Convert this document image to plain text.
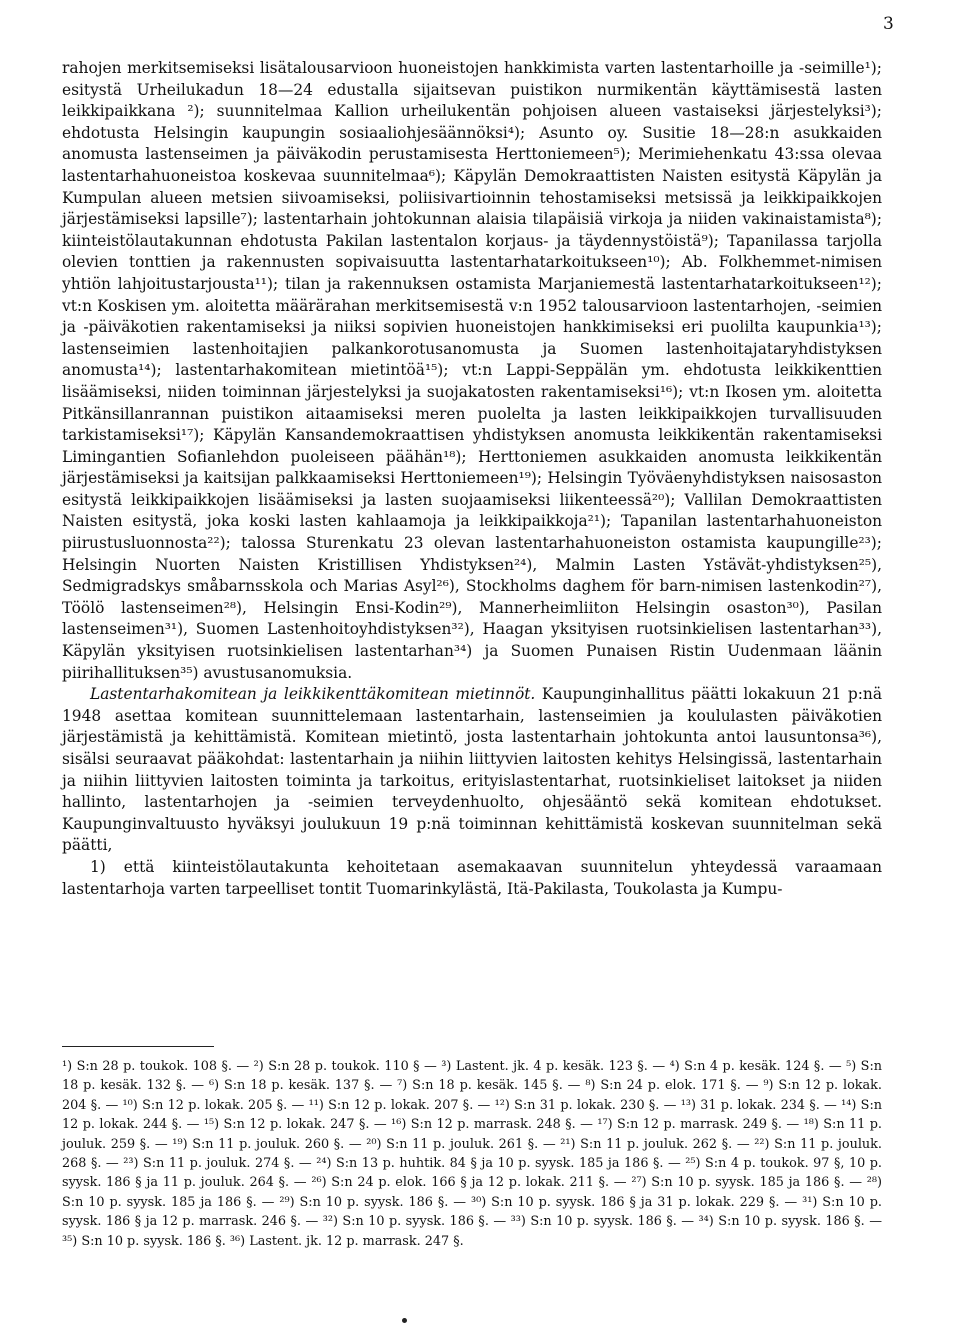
3

rahojen merkitsemiseksi lisätalousarvioon huoneistojen hankkimista varten lastentarhoille ja -seimille¹); esitystä Urheilukadun 18—24 edustalla sijaitsevan puistikon nurmikentän käyttämisestä lasten leikkipaikkana ²); suunnitelmaa Kallion urheilukentän pohjoisen alueen vastaiseksi järjestelyksi³); ehdotusta Helsingin kaupungin sosiaaliohjesäännöksi⁴); Asunto oy. Susitie 18—28:n asukkaiden anomusta lastenseimen ja päiväkodin perustamisesta Herttoniemeen⁵); Merimiehenkatu 43:ssa olevaa lastentarhahuoneistoa koskevaa suunnitelmaa⁶); Käpylän Demokraattisten Naisten esitystä Käpylän ja Kumpulan alueen metsien siivoamiseksi, poliisivartioinnin tehostamiseksi metsissä ja leikkipaikkojen järjestämiseksi lapsille⁷); lastentarhain johtokunnan alaisia tilapäisiä virkoja ja niiden vakinaistamista⁸); kiinteistölautakunnan ehdotusta Pakilan lastentalon korjaus- ja täydennystöistä⁹); Tapanilassa tarjolla olevien tonttien ja rakennusten sopivaisuutta lastentarhatarkoitukseen¹⁰); Ab. Folkhemmet-nimisen yhtiön lahjoitustarjousta¹¹); tilan ja rakennuksen ostamista Marjaniemestä lastentarhatarkoitukseen¹²); vt:n Koskisen ym. aloitetta määrärahan merkitsemisestä v:n 1952 talousarvioon lastentarhojen, -seimien ja -päiväkotien rakentamiseksi ja niiksi sopivien huoneistojen hankkimiseksi eri puolilta kaupunkia¹³); lastenseimien lastenhoitajien palkankorotusanomusta ja Suomen lastenhoitajataryhdistyksen anomusta¹⁴); lastentarhakomitean mietintöä¹⁵); vt:n Lappi-Seppälän ym. ehdotusta leikkikenttien lisäämiseksi, niiden toiminnan järjestelyksi ja suojakatosten rakentamiseksi¹⁶); vt:n Ikosen ym. aloitetta Pitkänsillanrannan puistikon aitaamiseksi meren puolelta ja lasten leikkipaikkojen turvallisuuden tarkistamiseksi¹⁷); Käpylän Kansandemokraattisen yhdistyksen anomusta leikkikentän rakentamiseksi Limingantien Sofianlehdon puoleiseen päähän¹⁸); Herttoniemen asukkaiden anomusta leikkikentän järjestämiseksi ja kaitsijan palkkaamiseksi Herttoniemeen¹⁹); Helsingin Työväenyhdistyksen naisosaston esitystä leikkipaikkojen lisäämiseksi ja lasten suojaamiseksi liikenteessä²⁰); Vallilan Demokraattisten Naisten esitystä, joka koski lasten kahlaamoja ja leikkipaikkoja²¹); Tapanilan lastentarhahuoneiston piirustusluonnosta²²); talossa Sturenkatu 23 olevan lastentarhahuoneiston ostamista kaupungille²³); Helsingin Nuorten Naisten Kristillisen Yhdistyksen²⁴), Malmin Lasten Ystävät-yhdistyksen²⁵), Sedmigradskys småbarnsskola och Marias Asyl²⁶), Stockholms daghem för barn-nimisen lastenkodin²⁷), Töölö lastenseimen²⁸), Helsingin Ensi-Kodin²⁹), Mannerheimliiton Helsingin osaston³⁰), Pasilan lastenseimen³¹), Suomen Lastenhoitoyhdistyksen³²), Haagan yksityisen ruotsinkielisen lastentarhan³³), Käpylän yksityisen ruotsinkielisen lastentarhan³⁴) ja Suomen Punaisen Ristin Uudenmaan läänin piirihallituksen³⁵) avustusanomuksia.

Lastentarhakomitean ja leikkikenttäkomitean mietinnöt. Kaupunginhallitus päätti lokakuun 21 p:nä 1948 asettaa komitean suunnittelemaan lastentarhain, lastenseimien ja koululasten päiväkotien järjestämistä ja kehittämistä. Komitean mietintö, josta lastentarhain johtokunta antoi lausuntonsa³⁶), sisälsi seuraavat pääkohdat: lastentarhain ja niihin liittyvien laitosten kehitys Helsingissä, lastentarhain ja niihin liittyvien laitosten toiminta ja tarkoitus, erityislastentarhat, ruotsinkieliset laitokset ja niiden hallinto, lastentarhojen ja -seimien terveydenhuolto, ohjesääntö sekä komitean ehdotukset. Kaupunginvaltuusto hyväksyi joulukuun 19 p:nä toiminnan kehittämistä koskevan suunnitelman sekä päätti,

1) että kiinteistölautakunta kehoitetaan asemakaavan suunnitelun yhteydessä varaamaan lastentarhoja varten tarpeelliset tontit Tuomarinkylästä, Itä-Pakilasta, Toukolasta ja Kumpu-

¹) S:n 28 p. toukok. 108 §. — ²) S:n 28 p. toukok. 110 § — ³) Lastent. jk. 4 p. kesäk. 123 §. — ⁴) S:n 4 p. kesäk. 124 §. — ⁵) S:n 18 p. kesäk. 132 §. — ⁶) S:n 18 p. kesäk. 137 §. — ⁷) S:n 18 p. kesäk. 145 §. — ⁸) S:n 24 p. elok. 171 §. — ⁹) S:n 12 p. lokak. 204 §. — ¹⁰) S:n 12 p. lokak. 205 §. — ¹¹) S:n 12 p. lokak. 207 §. — ¹²) S:n 31 p. lokak. 230 §. — ¹³) 31 p. lokak. 234 §. — ¹⁴) S:n 12 p. lokak. 244 §. — ¹⁵) S:n 12 p. lokak. 247 §. — ¹⁶) S:n 12 p. marrask. 248 §. — ¹⁷) S:n 12 p. marrask. 249 §. — ¹⁸) S:n 11 p. jouluk. 259 §. — ¹⁹) S:n 11 p. jouluk. 260 §. — ²⁰) S:n 11 p. jouluk. 261 §. — ²¹) S:n 11 p. jouluk. 262 §. — ²²) S:n 11 p. jouluk. 268 §. — ²³) S:n 11 p. jouluk. 274 §. — ²⁴) S:n 13 p. huhtik. 84 § ja 10 p. syysk. 185 ja 186 §. — ²⁵) S:n 4 p. toukok. 97 §, 10 p. syysk. 186 § ja 11 p. jouluk. 264 §. — ²⁶) S:n 24 p. elok. 166 § ja 12 p. lokak. 211 §. — ²⁷) S:n 10 p. syysk. 185 ja 186 §. — ²⁸) S:n 10 p. syysk. 185 ja 186 §. — ²⁹) S:n 10 p. syysk. 186 §. — ³⁰) S:n 10 p. syysk. 186 § ja 31 p. lokak. 229 §. — ³¹) S:n 10 p. syysk. 186 § ja 12 p. marrask. 246 §. — ³²) S:n 10 p. syysk. 186 §. — ³³) S:n 10 p. syysk. 186 §. — ³⁴) S:n 10 p. syysk. 186 §. — ³⁵) S:n 10 p. syysk. 186 §. ³⁶) Lastent. jk. 12 p. marrask. 247 §.
